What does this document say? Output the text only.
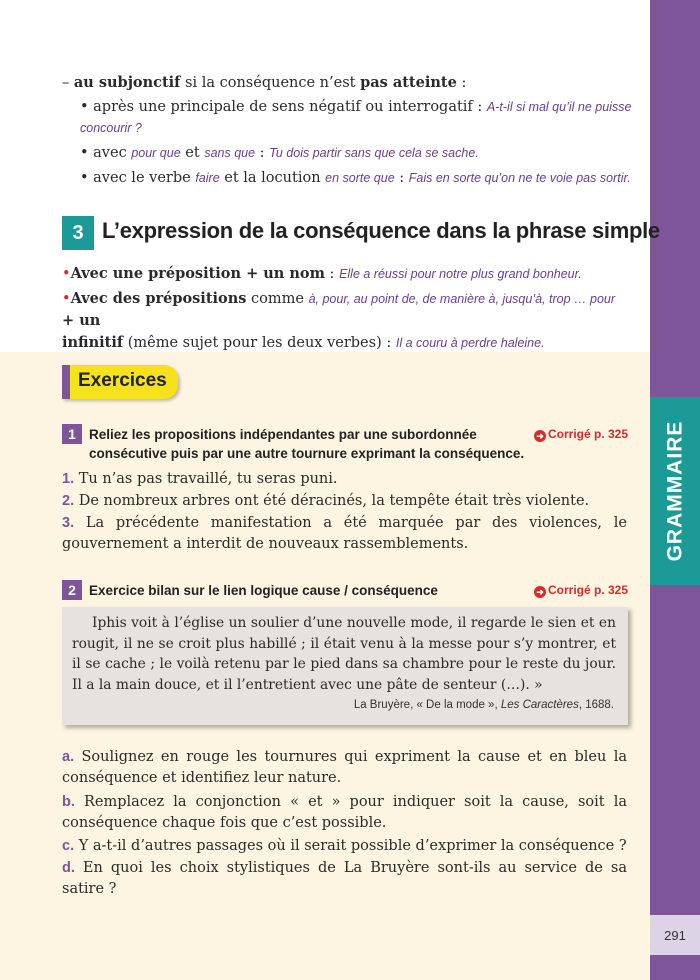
GRAMMAIRE
291
– au subjonctif si la conséquence n’est pas atteinte :
• après une principale de sens négatif ou interrogatif : A-t-il si mal qu’il ne puisse
concourir ?
• avec pour que et sans que : Tu dois partir sans que cela se sache.
• avec le verbe faire et la locution en sorte que : Fais en sorte qu’on ne te voie pas sortir.
3 L’expression de la conséquence dans la phrase simple
•Avec une préposition + un nom : Elle a réussi pour notre plus grand bonheur.
•Avec des prépositions comme à, pour, au point de, de manière à, jusqu’à, trop … pour + un
infinitif (même sujet pour les deux verbes) : Il a couru à perdre haleine.
Exercices
1 Reliez les propositions indépendantes par une subordonnée
consécutive puis par une autre tournure exprimant la conséquence.
➜ Corrigé p. 325
1. Tu n’as pas travaillé, tu seras puni.
2. De nombreux arbres ont été déracinés, la tempête était très violente.
3. La précédente manifestation a été marquée par des violences, le gouvernement a interdit de nouveaux rassemblements.
2 Exercice bilan sur le lien logique cause / conséquence	➜ Corrigé p. 325
Iphis voit à l’église un soulier d’une nouvelle mode, il regarde le sien et en rougit, il ne se croit plus habillé ; il était venu à la messe pour s’y montrer, et il se cache ; le voilà retenu par le pied dans sa chambre pour le reste du jour. Il a la main douce, et il l’entretient avec une pâte de senteur (…). »
La Bruyère, « De la mode », Les Caractères, 1688.
a. Soulignez en rouge les tournures qui expriment la cause et en bleu la conséquence et identifiez leur nature.
b. Remplacez la conjonction « et » pour indiquer soit la cause, soit la conséquence chaque fois que c’est possible.
c. Y a-t-il d’autres passages où il serait possible d’exprimer la conséquence ?
d. En quoi les choix stylistiques de La Bruyère sont-ils au service de sa satire ?
